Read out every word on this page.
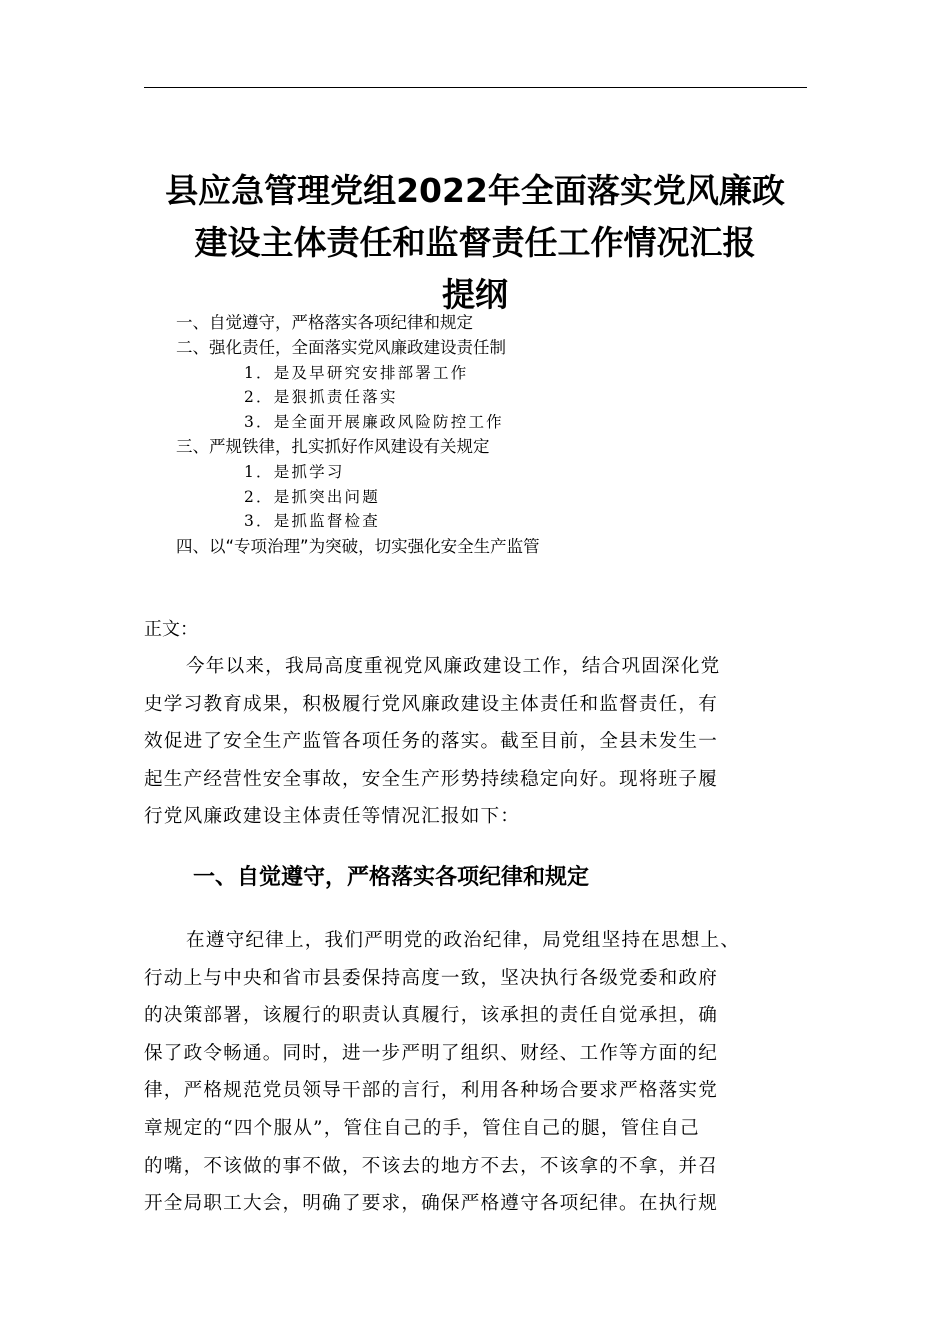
县应急管理党组2022年全面落实党风廉政
建设主体责任和监督责任工作情况汇报
提纲
一、自觉遵守，严格落实各项纪律和规定
二、强化责任，全面落实党风廉政建设责任制
1．是及早研究安排部署工作
2．是狠抓责任落实
3．是全面开展廉政风险防控工作
三、严规铁律，扎实抓好作风建设有关规定
1．是抓学习
2．是抓突出问题
3．是抓监督检查
四、以“专项治理”为突破，切实强化安全生产监管
正文：
今年以来，我局高度重视党风廉政建设工作，结合巩固深化党
史学习教育成果，积极履行党风廉政建设主体责任和监督责任，有
效促进了安全生产监管各项任务的落实。截至目前，全县未发生一
起生产经营性安全事故，安全生产形势持续稳定向好。现将班子履
行党风廉政建设主体责任等情况汇报如下：
一、自觉遵守，严格落实各项纪律和规定
在遵守纪律上，我们严明党的政治纪律，局党组坚持在思想上、
行动上与中央和省市县委保持高度一致，坚决执行各级党委和政府
的决策部署，该履行的职责认真履行，该承担的责任自觉承担，确
保了政令畅通。同时，进一步严明了组织、财经、工作等方面的纪
律，严格规范党员领导干部的言行，利用各种场合要求严格落实党
章规定的“四个服从”，管住自己的手，管住自己的腿，管住自己
的嘴，不该做的事不做，不该去的地方不去，不该拿的不拿，并召
开全局职工大会，明确了要求，确保严格遵守各项纪律。在执行规
